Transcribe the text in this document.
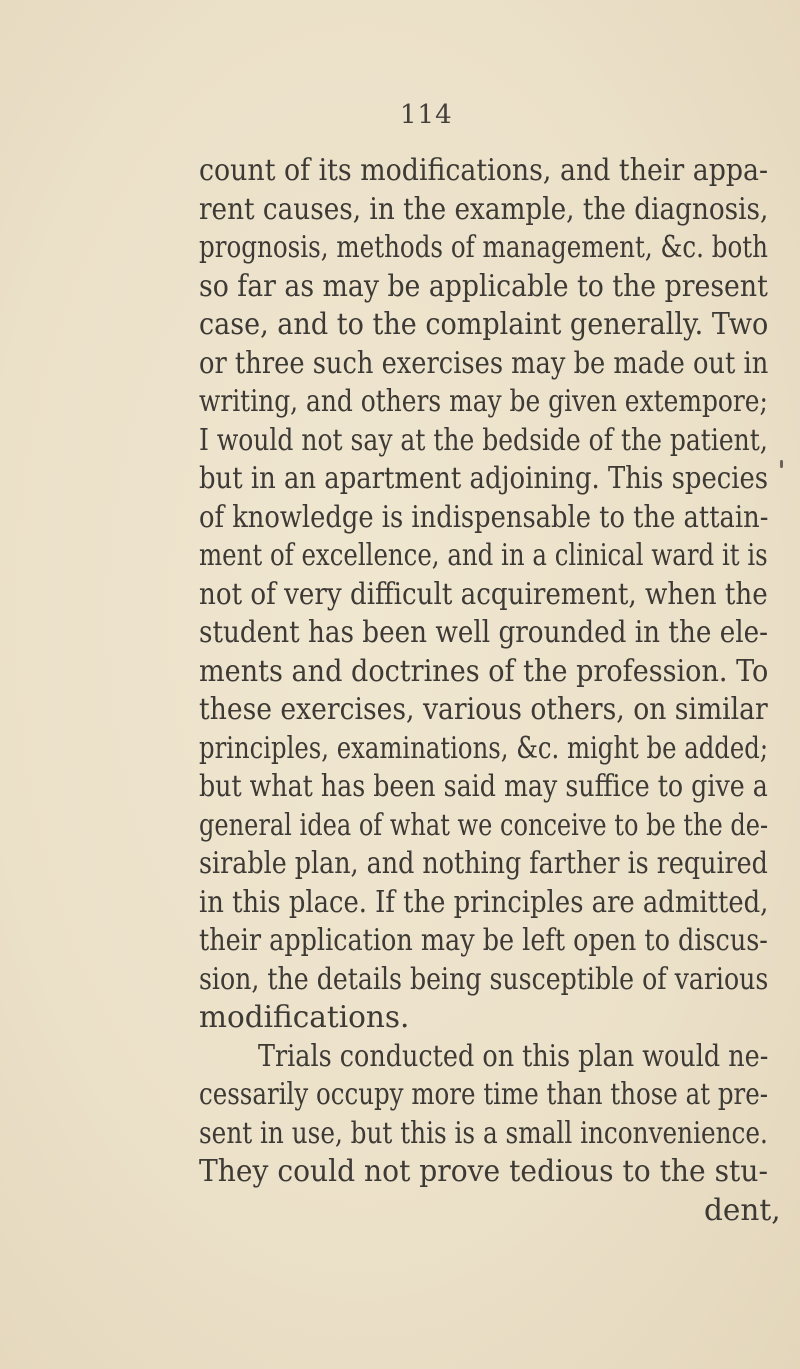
114
count of its modifications, and their appa-
rent causes, in the example, the diagnosis,
prognosis, methods of management, &c. both
so far as may be applicable to the present
case, and to the complaint generally. Two
or three such exercises may be made out in
writing, and others may be given extempore;
I would not say at the bedside of the patient,
but in an apartment adjoining. This species
of knowledge is indispensable to the attain-
ment of excellence, and in a clinical ward it is
not of very difficult acquirement, when the
student has been well grounded in the ele-
ments and doctrines of the profession. To
these exercises, various others, on similar
principles, examinations, &c. might be added;
but what has been said may suffice to give a
general idea of what we conceive to be the de-
sirable plan, and nothing farther is required
in this place. If the principles are admitted,
their application may be left open to discus-
sion, the details being susceptible of various
modifications.
Trials conducted on this plan would ne-
cessarily occupy more time than those at pre-
sent in use, but this is a small inconvenience.
They could not prove tedious to the stu-
dent,
